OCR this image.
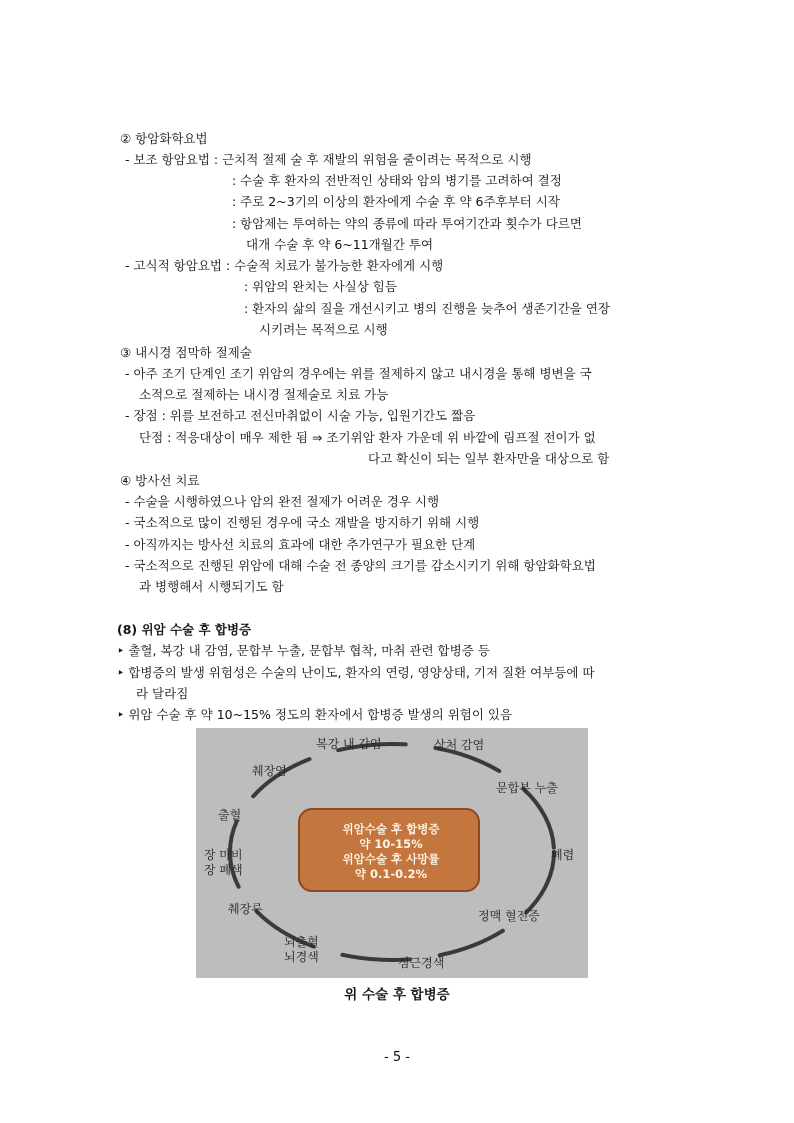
② 항암화학요법
- 보조 항암요법 : 근치적 절제 술 후 재발의 위험을 줄이려는 목적으로 시행
: 수술 후 환자의 전반적인 상태와 암의 병기를 고려하여 결정
: 주로 2~3기의 이상의 환자에게 수술 후 약 6주후부터 시작
: 항암제는 투여하는 약의 종류에 따라 투여기간과 횟수가 다르면
대개 수술 후 약 6~11개월간 투여
- 고식적 항암요법 : 수술적 치료가 불가능한 환자에게 시행
: 위암의 완치는 사실상 힘듬
: 환자의 삶의 질을 개선시키고 병의 진행을 늦추어 생존기간을 연장
시키려는 목적으로 시행
③ 내시경 점막하 절제술
- 아주 조기 단계인 조기 위암의 경우에는 위를 절제하지 않고 내시경을 통해 병변을 국
소적으로 절제하는 내시경 절제술로 치료 가능
- 장점 : 위를 보전하고 전신마취없이 시술 가능, 입원기간도 짧음
단점 : 적응대상이 매우 제한 됨 ⇒ 조기위암 환자 가운데 위 바깥에 림프절 전이가 없
다고 확신이 되는 일부 환자만을 대상으로 함
④ 방사선 치료
- 수술을 시행하였으나 암의 완전 절제가 어려운 경우 시행
- 국소적으로 많이 진행된 경우에 국소 재발을 방지하기 위해 시행
- 아직까지는 방사선 치료의 효과에 대한 추가연구가 필요한 단계
- 국소적으로 진행된 위암에 대해 수술 전 종양의 크기를 감소시키기 위해 항암화학요법
과 병행해서 시행되기도 함
(8) 위암 수술 후 합병증
‣ 출혈, 복강 내 감염, 문합부 누출, 문합부 협착, 마취 관련 합병증 등
‣ 합병증의 발생 위험성은 수술의 난이도, 환자의 연령, 영양상태, 기저 질환 여부등에 따
라 달라짐
‣ 위암 수술 후 약 10~15% 정도의 환자에서 합병증 발생의 위험이 있음
위암수술 후 합병증
약 10-15%
위암수술 후 사망률
약 0.1-0.2%
복강 내 감염	상처 감염
문합부 누출
폐렴
정맥 혈전증
심근경색
뇌출혈
뇌경색
췌장루
장 마비
장 폐색
출혈
췌장염
위 수술 후 합병증
- 5 -
